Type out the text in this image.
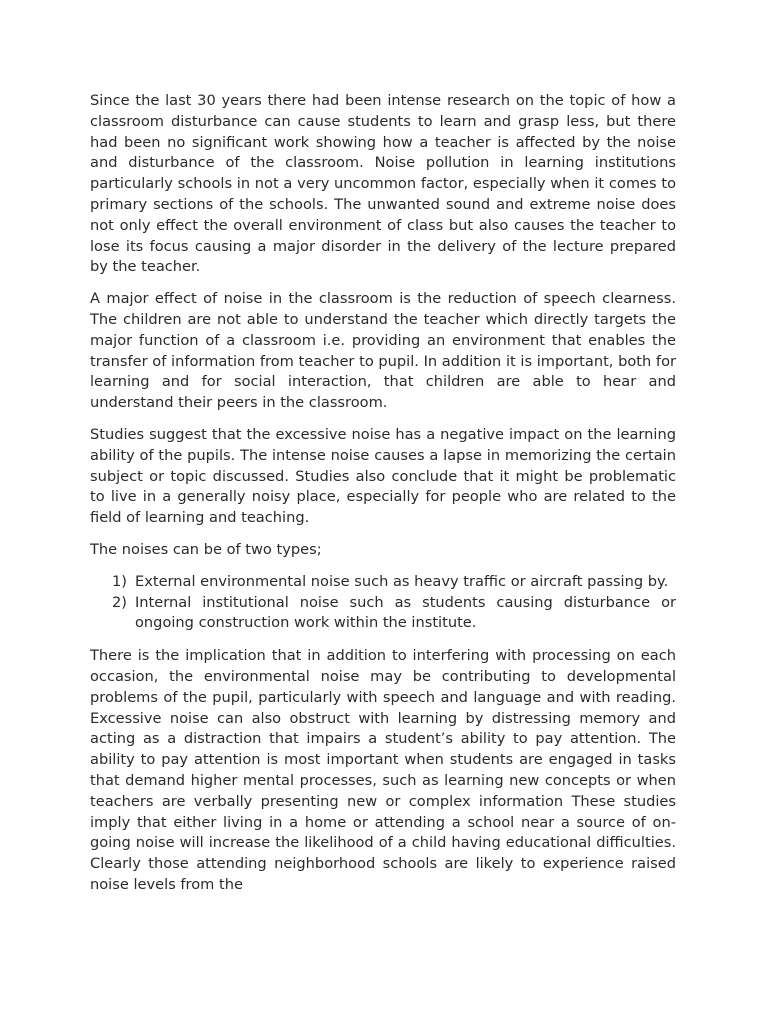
Since the last 30 years there had been intense research on the topic of how a classroom disturbance can cause students to learn and grasp less, but there had been no significant work showing how a teacher is affected by the noise and disturbance of the classroom. Noise pollution in learning institutions particularly schools in not a very uncommon factor, especially when it comes to primary sections of the schools. The unwanted sound and extreme noise does not only effect the overall environment of class but also causes the teacher to lose its focus causing a major disorder in the delivery of the lecture prepared by the teacher.

A major effect of noise in the classroom is the reduction of speech clearness. The children are not able to understand the teacher which directly targets the major function of a classroom i.e. providing an environment that enables the transfer of information from teacher to pupil. In addition it is important, both for learning and for social interaction, that children are able to hear and understand their peers in the classroom.

Studies suggest that the excessive noise has a negative impact on the learning ability of the pupils. The intense noise causes a lapse in memorizing the certain subject or topic discussed. Studies also conclude that it might be problematic to live in a generally noisy place, especially for people who are related to the field of learning and teaching.

The noises can be of two types;

1) External environmental noise such as heavy traffic or aircraft passing by.
2) Internal institutional noise such as students causing disturbance or ongoing construction work within the institute.

There is the implication that in addition to interfering with processing on each occasion, the environmental noise may be contributing to developmental problems of the pupil, particularly with speech and language and with reading. Excessive noise can also obstruct with learning by distressing memory and acting as a distraction that impairs a student’s ability to pay attention. The ability to pay attention is most important when students are engaged in tasks that demand higher mental processes, such as learning new concepts or when teachers are verbally presenting new or complex information These studies imply that either living in a home or attending a school near a source of on-going noise will increase the likelihood of a child having educational difficulties. Clearly those attending neighborhood schools are likely to experience raised noise levels from the
